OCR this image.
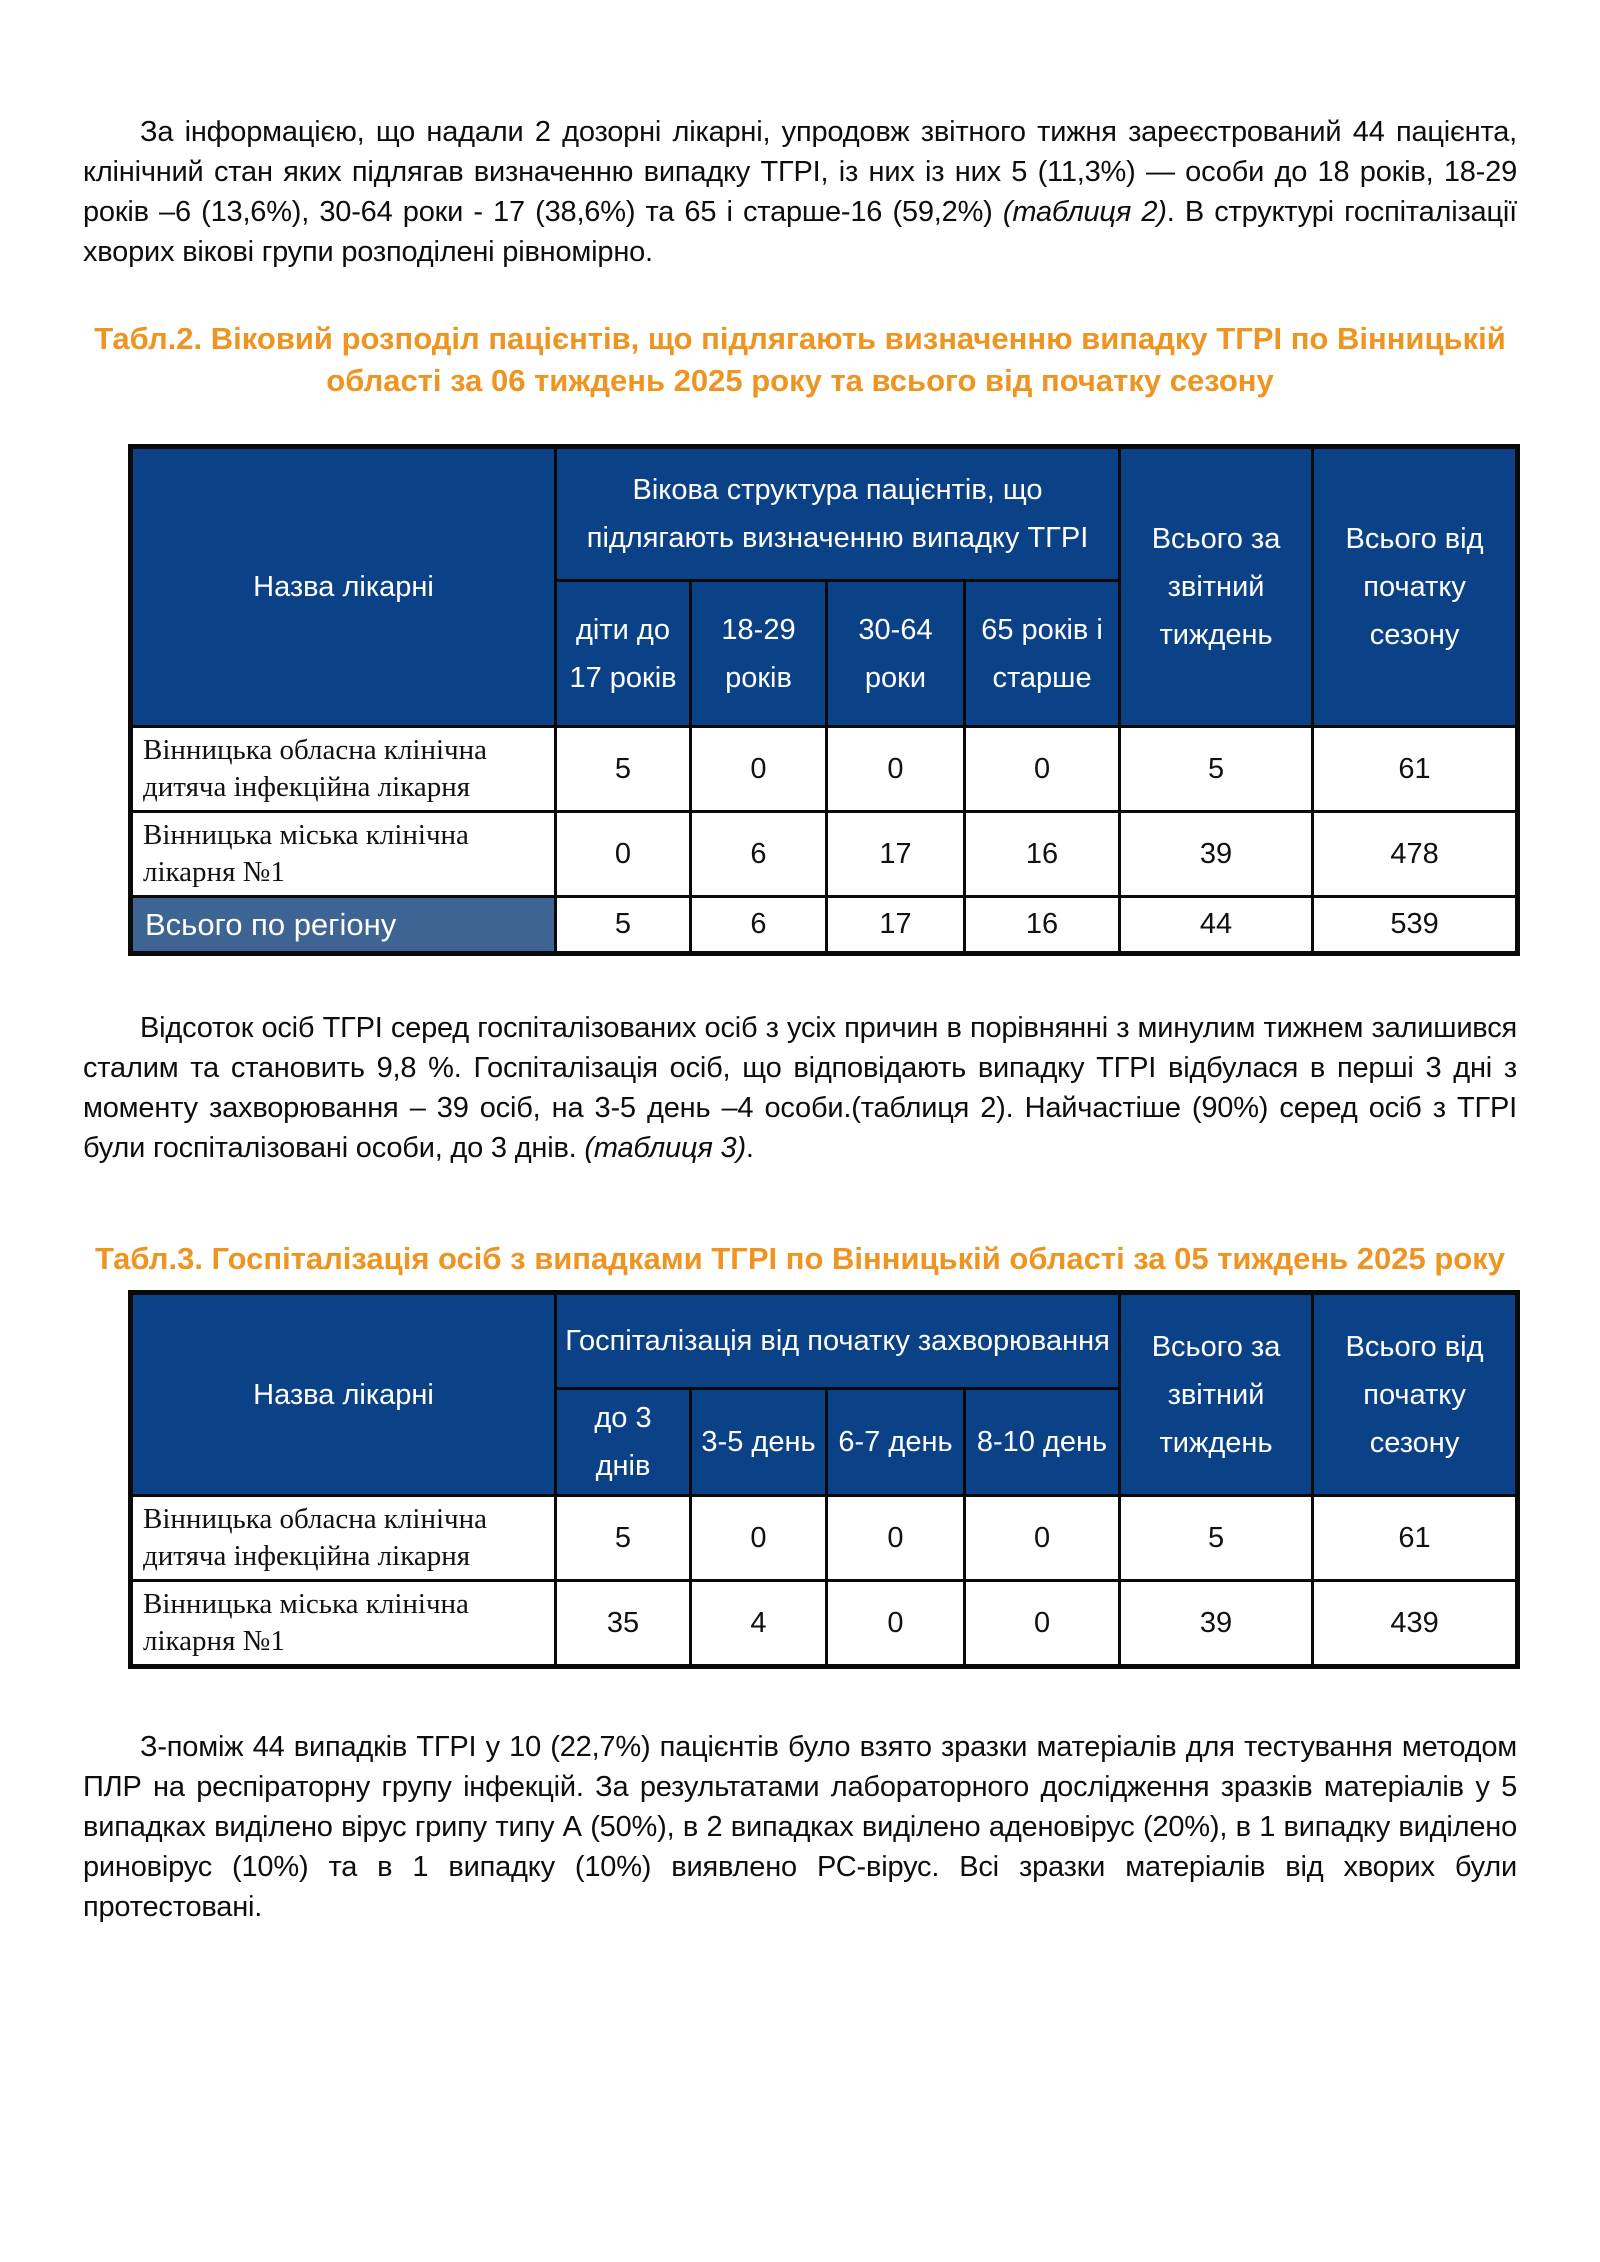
За інформацією, що надали 2 дозорні лікарні, упродовж звітного тижня зареєстрований 44 пацієнта, клінічний стан яких підлягав визначенню випадку ТГРІ, із них із них 5 (11,3%) — особи до 18 років, 18-29 років –6 (13,6%), 30-64 роки - 17 (38,6%) та 65 і старше-16 (59,2%) (таблиця 2). В структурі госпіталізації хворих вікові групи розподілені рівномірно.

Табл.2. Віковий розподіл пацієнтів, що підлягають визначенню випадку ТГРІ по Вінницькій області за 06 тиждень 2025 року та всього від початку сезону
Назва лікарні	Вікова структура пацієнтів, що підлягають визначенню випадку ТГРІ				Всього за звітний тиждень	Всього від початку сезону
	діти до 17 років	18-29 років	30-64 роки	65 років і старше		
Вінницька обласна клінічна дитяча інфекційна лікарня	5	0	0	0	5	61
Вінницька міська клінічна лікарня №1	0	6	17	16	39	478
Всього по регіону	5	6	17	16	44	539

Відсоток осіб ТГРІ серед госпіталізованих осіб з усіх причин в порівнянні з минулим тижнем залишився сталим та становить 9,8 %. Госпіталізація осіб, що відповідають випадку ТГРІ відбулася в перші 3 дні з моменту захворювання – 39 осіб, на 3-5 день –4 особи.(таблиця 2). Найчастіше (90%) серед осіб з ТГРІ були госпіталізовані особи, до 3 днів. (таблиця 3).

Табл.3. Госпіталізація осіб з випадками ТГРІ по Вінницькій області за 05 тиждень 2025 року
Назва лікарні	Госпіталізація від початку захворювання				Всього за звітний тиждень	Всього від початку сезону
	до 3 днів	3-5 день	6-7 день	8-10 день		
Вінницька обласна клінічна дитяча інфекційна лікарня	5	0	0	0	5	61
Вінницька міська клінічна лікарня №1	35	4	0	0	39	439

З-поміж 44 випадків ТГРІ у 10 (22,7%) пацієнтів було взято зразки матеріалів для тестування методом ПЛР на респіраторну групу інфекцій. За результатами лабораторного дослідження зразків матеріалів у 5 випадках виділено вірус грипу типу А (50%), в 2 випадках виділено аденовірус (20%), в 1 випадку виділено риновірус (10%) та в 1 випадку (10%) виявлено РС-вірус. Всі зразки матеріалів від хворих були протестовані.
